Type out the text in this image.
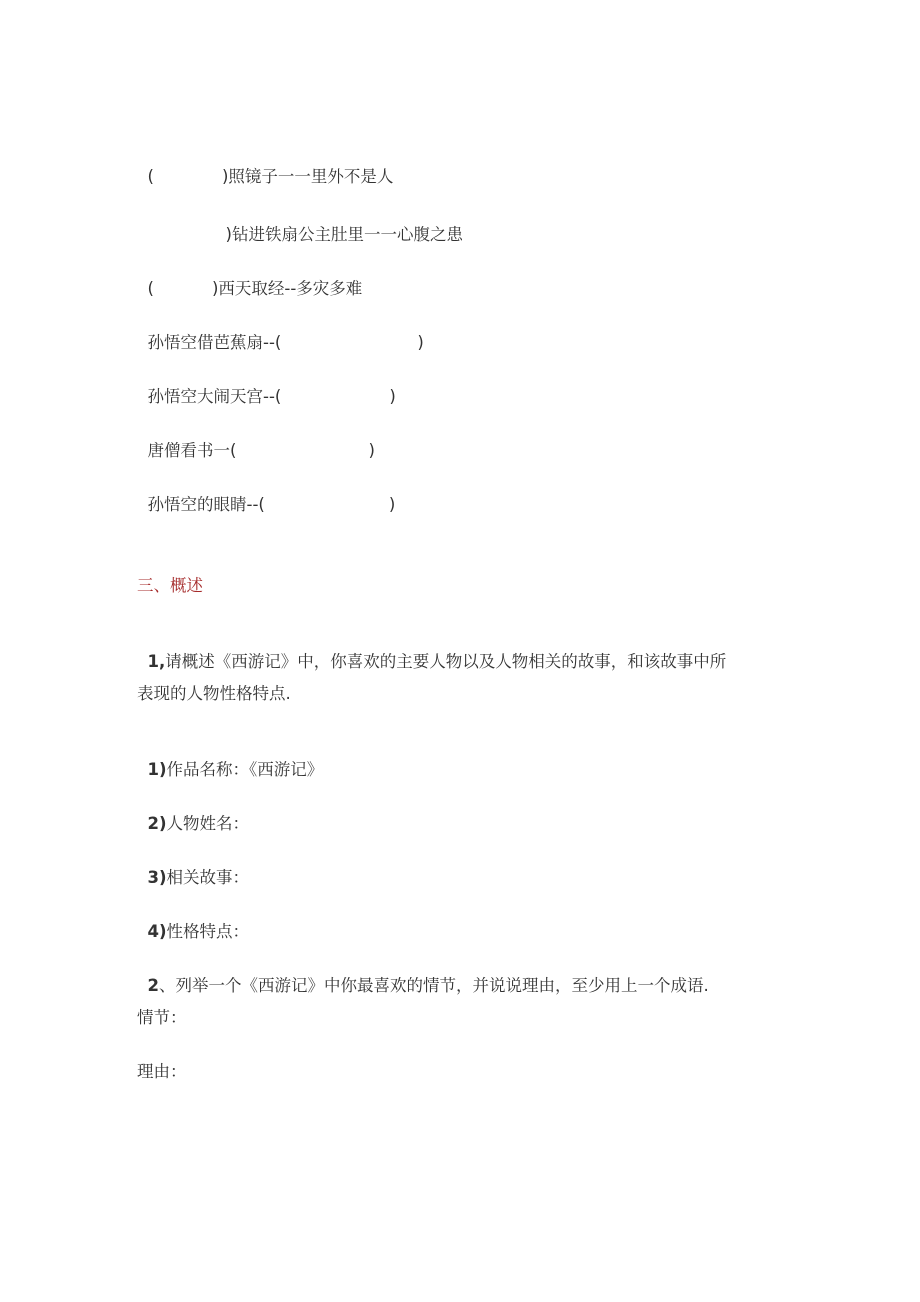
(	)照镜子一一里外不是人

)钻进铁扇公主肚里一一心腹之患

(	)西天取经--多灾多难

孙悟空借芭蕉扇--(	)

孙悟空大闹天宫--(	)

唐僧看书一(	)

孙悟空的眼睛--(	)

三、概述

1,请概述《西游记》中，你喜欢的主要人物以及人物相关的故事，和该故事中所

表现的人物性格特点.

1)作品名称：《西游记》

2)人物姓名：

3)相关故事：

4)性格特点：

2、列举一个《西游记》中你最喜欢的情节，并说说理由，至少用上一个成语.

情节：

理由：
